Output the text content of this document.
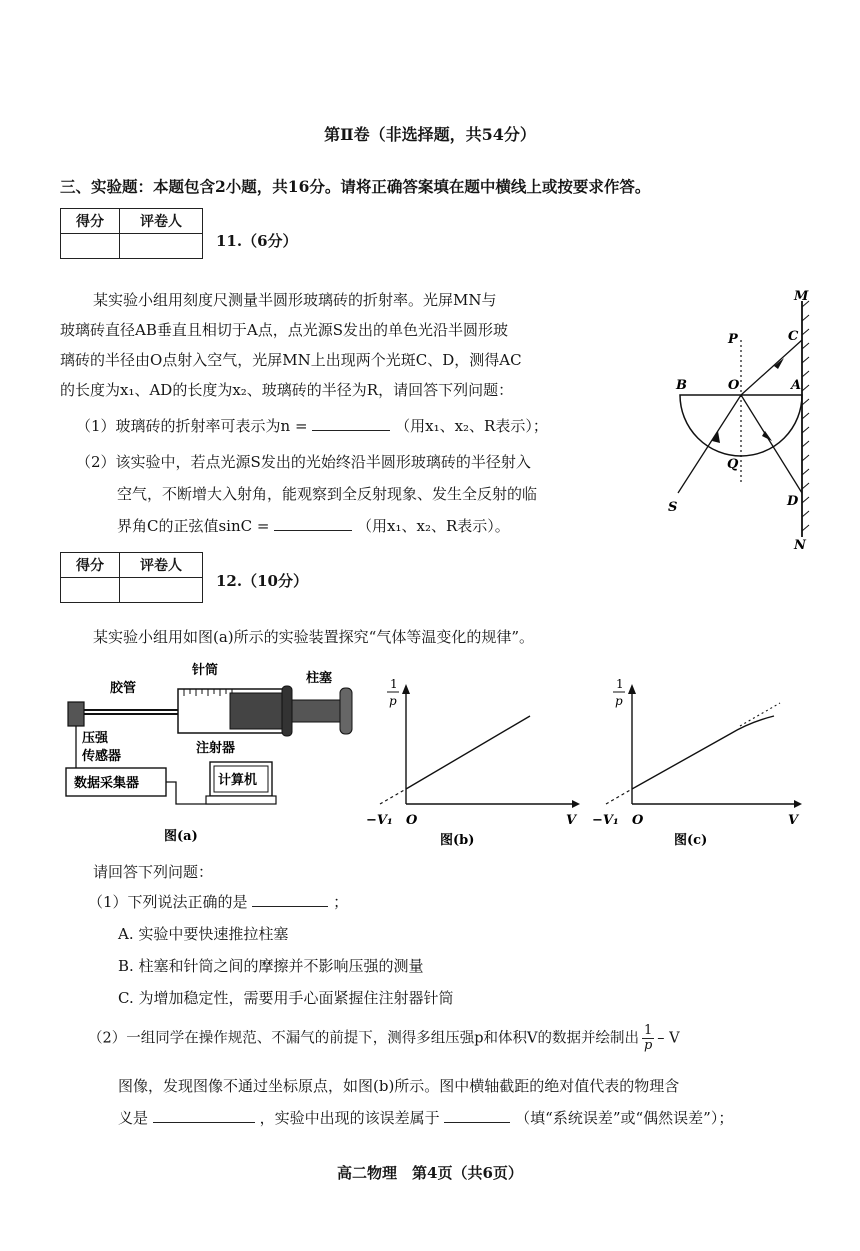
第Ⅱ卷（非选择题，共54分）
三、实验题：本题包含2小题，共16分。请将正确答案填在题中横线上或按要求作答。
得分	评卷人

11.（6分）
某实验小组用刻度尺测量半圆形玻璃砖的折射率。光屏MN与
玻璃砖直径AB垂直且相切于A点，点光源S发出的单色光沿半圆形玻
璃砖的半径由O点射入空气，光屏MN上出现两个光斑C、D，测得AC
的长度为x₁、AD的长度为x₂、玻璃砖的半径为R，请回答下列问题：
（1）玻璃砖的折射率可表示为n =	（用x₁、x₂、R表示）；
（2）该实验中，若点光源S发出的光始终沿半圆形玻璃砖的半径射入
空气，不断增大入射角，能观察到全反射现象、发生全反射的临
界角C的正弦值sinC =	（用x₁、x₂、R表示）。
M
N
P	C
O	A
B
Q
D
S
得分	评卷人

12.（10分）
某实验小组用如图(a)所示的实验装置探究“气体等温变化的规律”。
胶管
针筒
柱塞
注射器
压强
传感器
数据采集器	计算机
图(a)
1
p
V
O
−V₁
图(b)
1
p
V
O
−V₁
图(c)
请回答下列问题：
（1）下列说法正确的是	；
A. 实验中要快速推拉柱塞
B. 柱塞和针筒之间的摩擦并不影响压强的测量
C. 为增加稳定性，需要用手心面紧握住注射器针筒
（2）一组同学在操作规范、不漏气的前提下，测得多组压强p和体积V的数据并绘制出 $\frac{1}{p}$ – V
图像，发现图像不通过坐标原点，如图(b)所示。图中横轴截距的绝对值代表的物理含
义是	，实验中出现的该误差属于	（填“系统误差”或“偶然误差”）；
高二物理　第4页（共6页）
